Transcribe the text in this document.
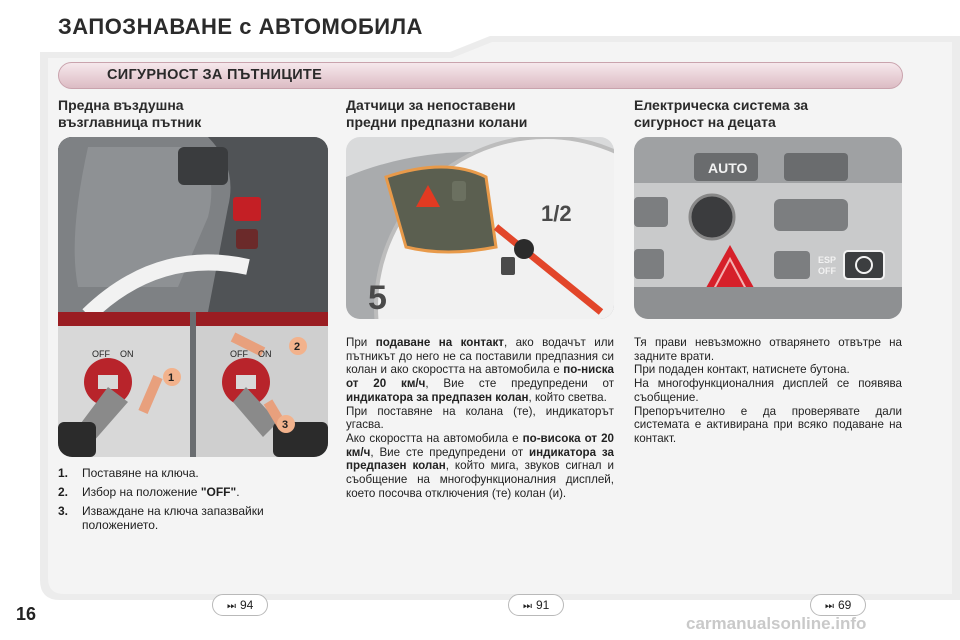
ЗАПОЗНАВАНЕ с АВТОМОБИЛА
СИГУРНОСТ ЗА ПЪТНИЦИТЕ
Предна въздушна
възглавница пътник
OFF ON	OFF ON
1
2
3
1.	Поставяне на ключа.
2.	Избор на положение "OFF".
3.	Изваждане на ключа запазвайки положението.
Датчици за непоставени
предни предпазни колани
1/2
5
При подаване на контакт, ако водачът или пътникът до него не са поставили предпазния си колан и ако скоростта на автомобила е по-ниска от 20 км/ч, Вие сте предупредени от индикатора за предпазен колан, който светва.
При поставяне на колана (те), индикаторът угасва.
Ако скоростта на автомобила е по-висока от 20 км/ч, Вие сте предупредени от индикатора за предпазен колан, който мига, звуков сигнал и съобщение на многофункционалния дисплей, което посочва отключения (те) колан (и).
Електрическа система за
сигурност на децата
AUTO
ESP
OFF
Тя прави невъзможно отварянето отвътре на задните врати.
При подаден контакт, натиснете бутона.
На многофункционалния дисплей се появява съобщение.
Препоръчително е да проверявате дали системата е активирана при всяко подаване на контакт.
⏭ 94	⏭ 91	⏭ 69
16	carmanualsonline.info
